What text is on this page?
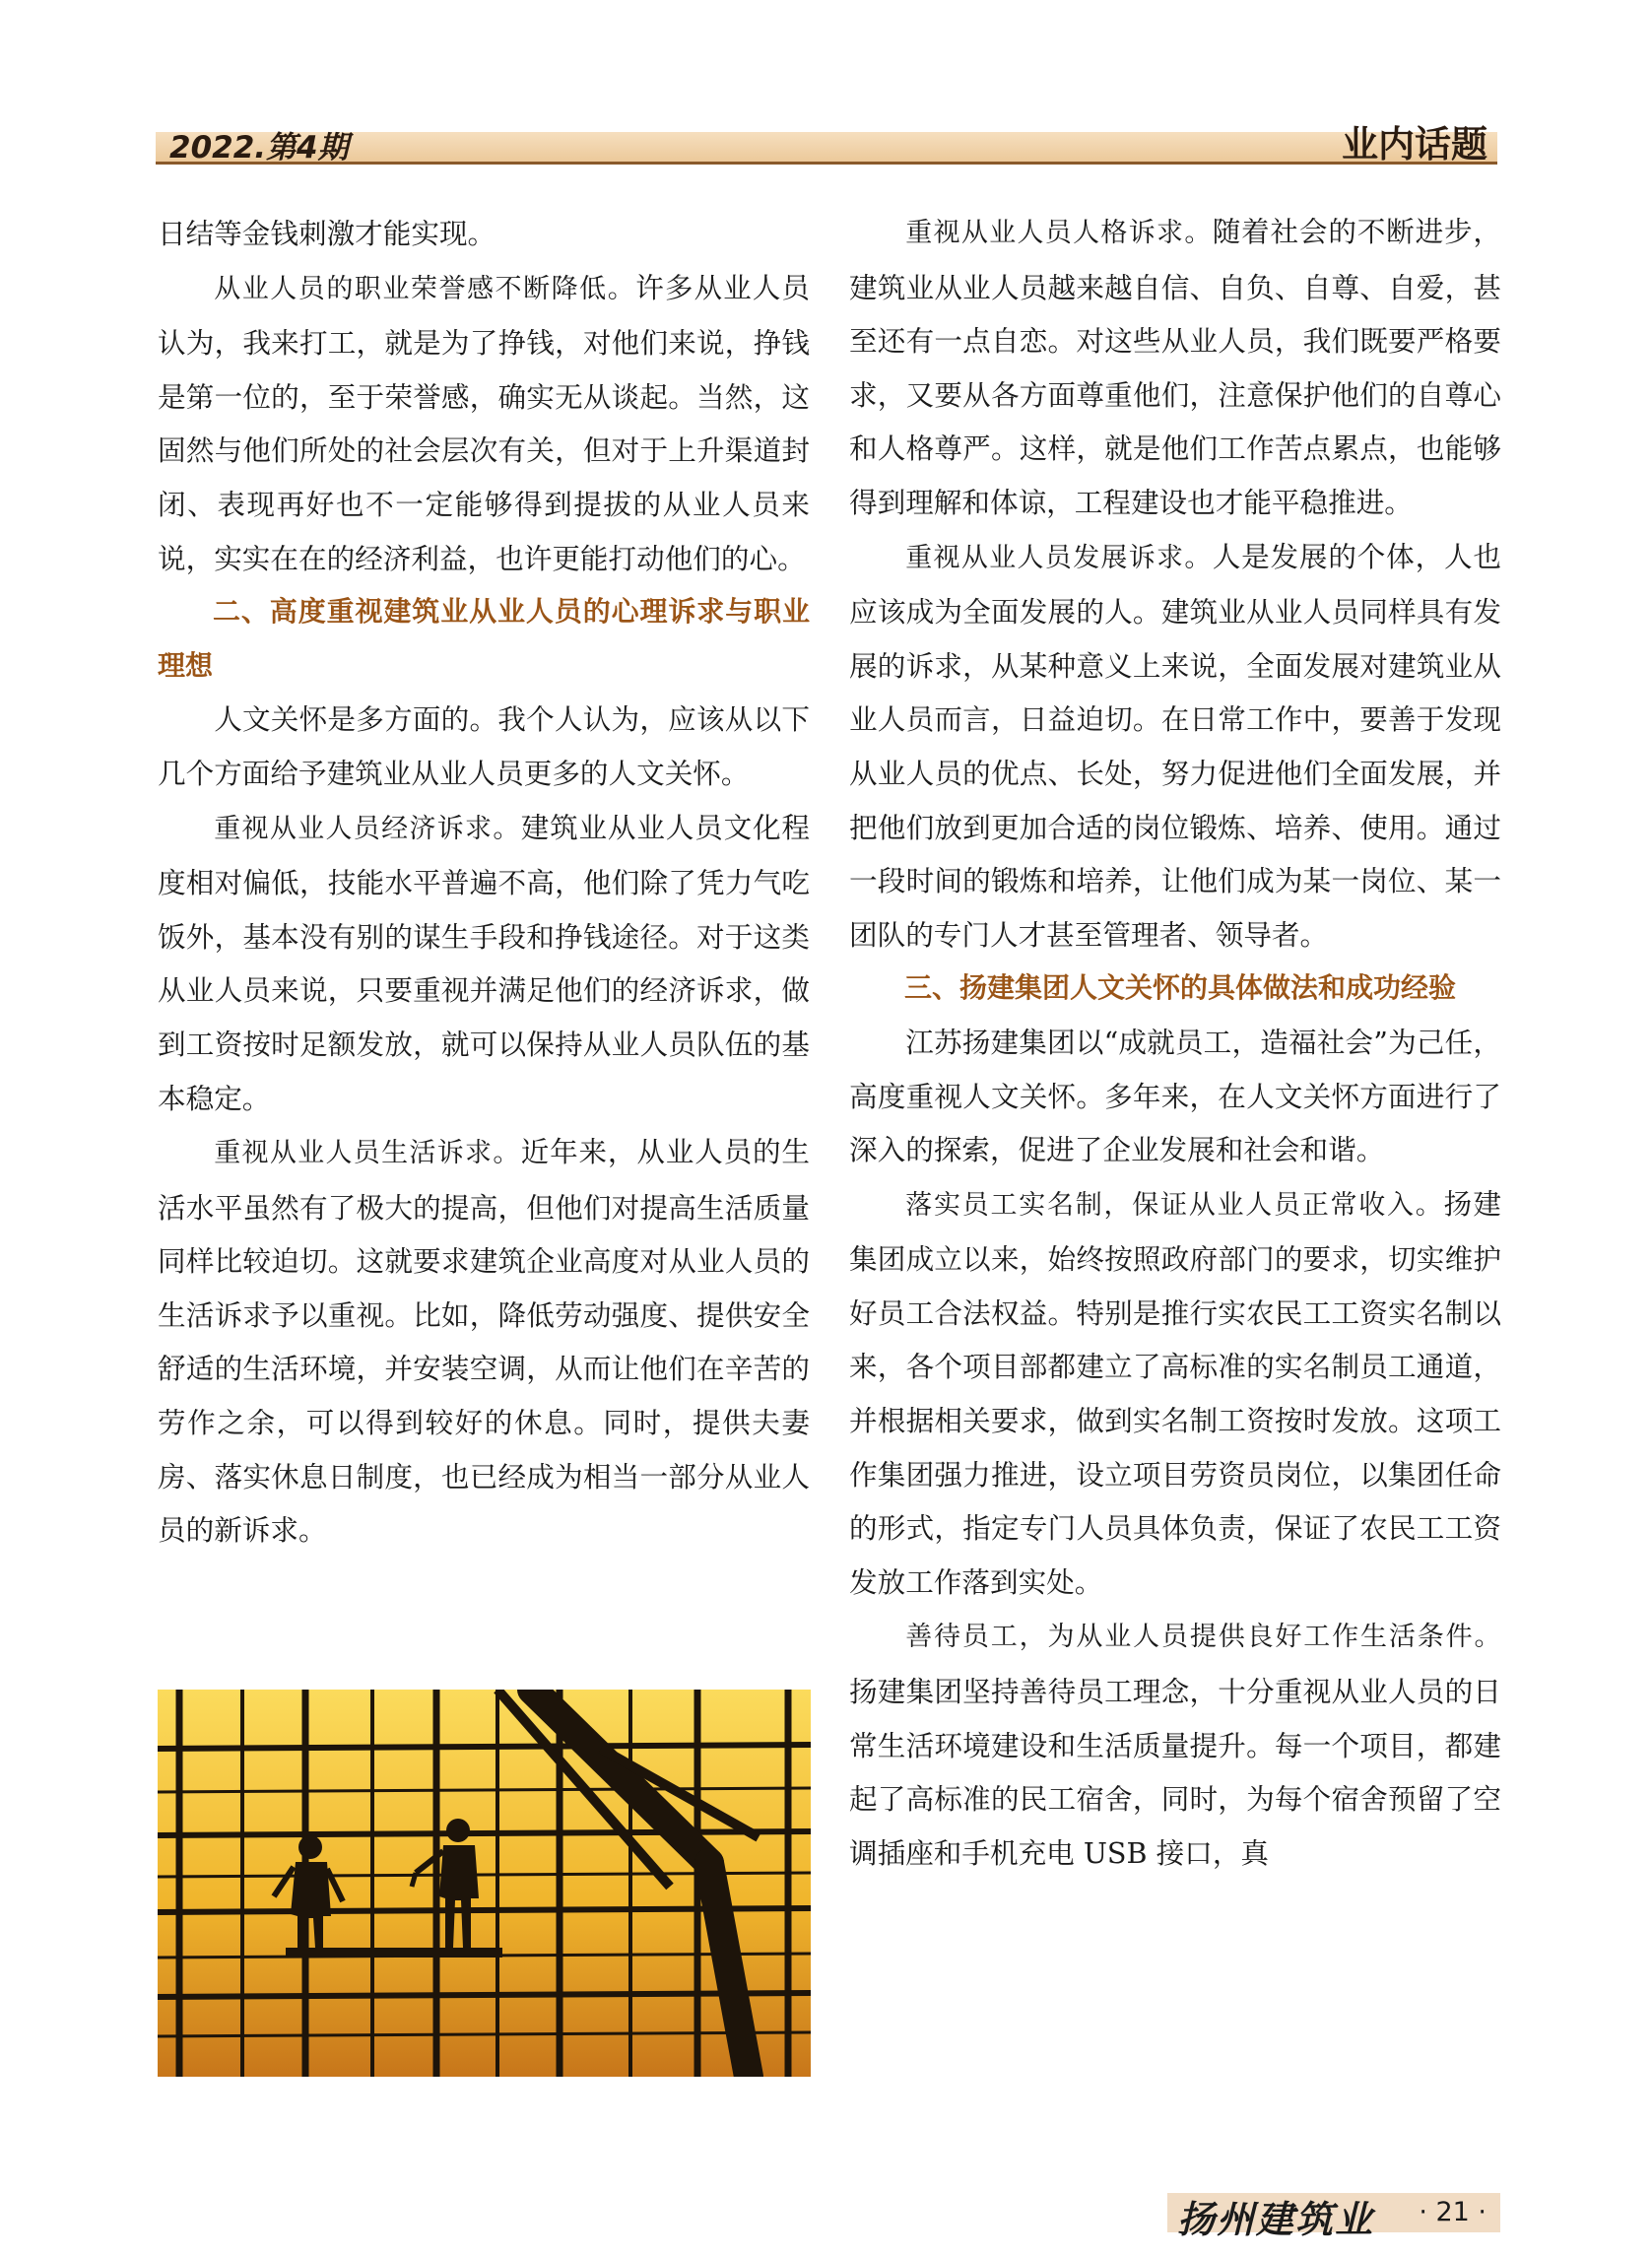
2022.第4期	业内话题

日结等金钱刺激才能实现。

从业人员的职业荣誉感不断降低。许多从业人员认为，我来打工，就是为了挣钱，对他们来说，挣钱是第一位的，至于荣誉感，确实无从谈起。当然，这固然与他们所处的社会层次有关，但对于上升渠道封闭、表现再好也不一定能够得到提拔的从业人员来说，实实在在的经济利益，也许更能打动他们的心。

二、高度重视建筑业从业人员的心理诉求与职业理想

人文关怀是多方面的。我个人认为，应该从以下几个方面给予建筑业从业人员更多的人文关怀。

重视从业人员经济诉求。建筑业从业人员文化程度相对偏低，技能水平普遍不高，他们除了凭力气吃饭外，基本没有别的谋生手段和挣钱途径。对于这类从业人员来说，只要重视并满足他们的经济诉求，做到工资按时足额发放，就可以保持从业人员队伍的基本稳定。

重视从业人员生活诉求。近年来，从业人员的生活水平虽然有了极大的提高，但他们对提高生活质量同样比较迫切。这就要求建筑企业高度对从业人员的生活诉求予以重视。比如，降低劳动强度、提供安全舒适的生活环境，并安装空调，从而让他们在辛苦的劳作之余，可以得到较好的休息。同时，提供夫妻房、落实休息日制度，也已经成为相当一部分从业人员的新诉求。

重视从业人员人格诉求。随着社会的不断进步，建筑业从业人员越来越自信、自负、自尊、自爱，甚至还有一点自恋。对这些从业人员，我们既要严格要求，又要从各方面尊重他们，注意保护他们的自尊心和人格尊严。这样，就是他们工作苦点累点，也能够得到理解和体谅，工程建设也才能平稳推进。

重视从业人员发展诉求。人是发展的个体，人也应该成为全面发展的人。建筑业从业人员同样具有发展的诉求，从某种意义上来说，全面发展对建筑业从业人员而言，日益迫切。在日常工作中，要善于发现从业人员的优点、长处，努力促进他们全面发展，并把他们放到更加合适的岗位锻炼、培养、使用。通过一段时间的锻炼和培养，让他们成为某一岗位、某一团队的专门人才甚至管理者、领导者。

三、扬建集团人文关怀的具体做法和成功经验

江苏扬建集团以“成就员工，造福社会”为己任，高度重视人文关怀。多年来，在人文关怀方面进行了深入的探索，促进了企业发展和社会和谐。

落实员工实名制，保证从业人员正常收入。扬建集团成立以来，始终按照政府部门的要求，切实维护好员工合法权益。特别是推行实农民工工资实名制以来，各个项目部都建立了高标准的实名制员工通道，并根据相关要求，做到实名制工资按时发放。这项工作集团强力推进，设立项目劳资员岗位，以集团任命的形式，指定专门人员具体负责，保证了农民工工资发放工作落到实处。

善待员工，为从业人员提供良好工作生活条件。扬建集团坚持善待员工理念，十分重视从业人员的日常生活环境建设和生活质量提升。每一个项目，都建起了高标准的民工宿舍，同时，为每个宿舍预留了空调插座和手机充电 USB 接口，真

扬州建筑业 · 21 ·
